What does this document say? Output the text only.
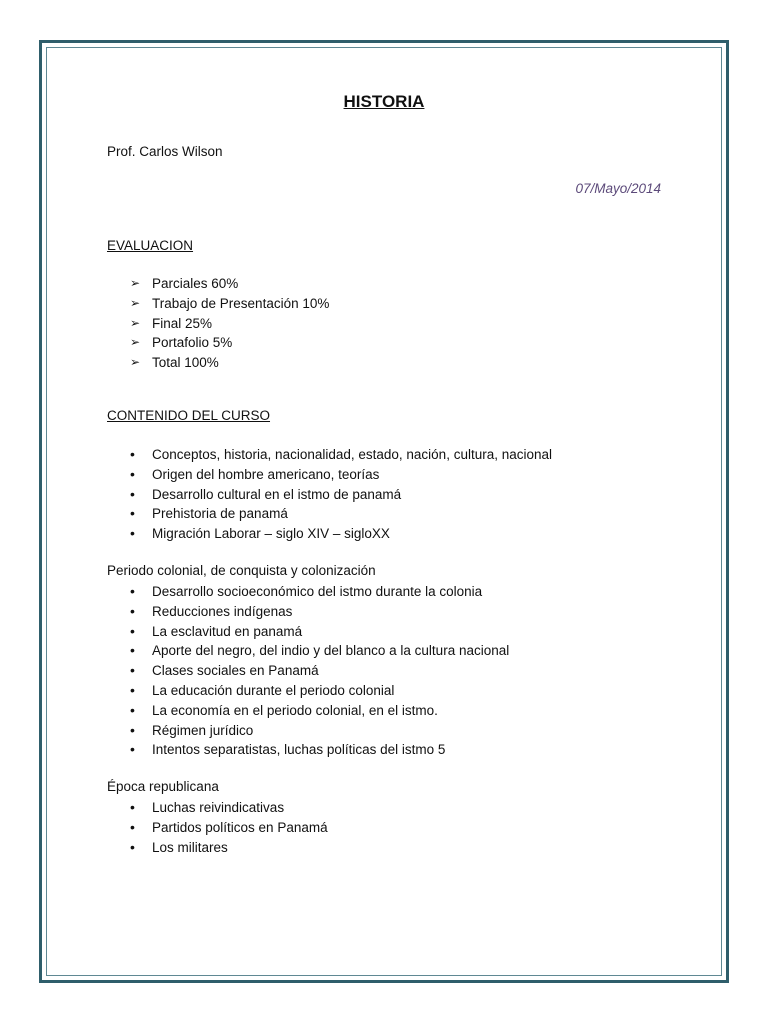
HISTORIA
Prof. Carlos Wilson
07/Mayo/2014
EVALUACION
➢ Parciales 60%
➢ Trabajo de Presentación 10%
➢ Final 25%
➢ Portafolio 5%
➢ Total 100%
CONTENIDO DEL CURSO
• Conceptos, historia, nacionalidad, estado, nación, cultura, nacional
• Origen del hombre americano, teorías
• Desarrollo cultural en el istmo de panamá
• Prehistoria de panamá
• Migración Laborar – siglo XIV – sigloXX
Periodo colonial, de conquista y colonización
• Desarrollo socioeconómico del istmo durante la colonia
• Reducciones indígenas
• La esclavitud en panamá
• Aporte del negro, del indio y del blanco a la cultura nacional
• Clases sociales en Panamá
• La educación durante el periodo colonial
• La economía en el periodo colonial, en el istmo.
• Régimen jurídico
• Intentos separatistas, luchas políticas del istmo 5
Época republicana
• Luchas reivindicativas
• Partidos políticos en Panamá
• Los militares
